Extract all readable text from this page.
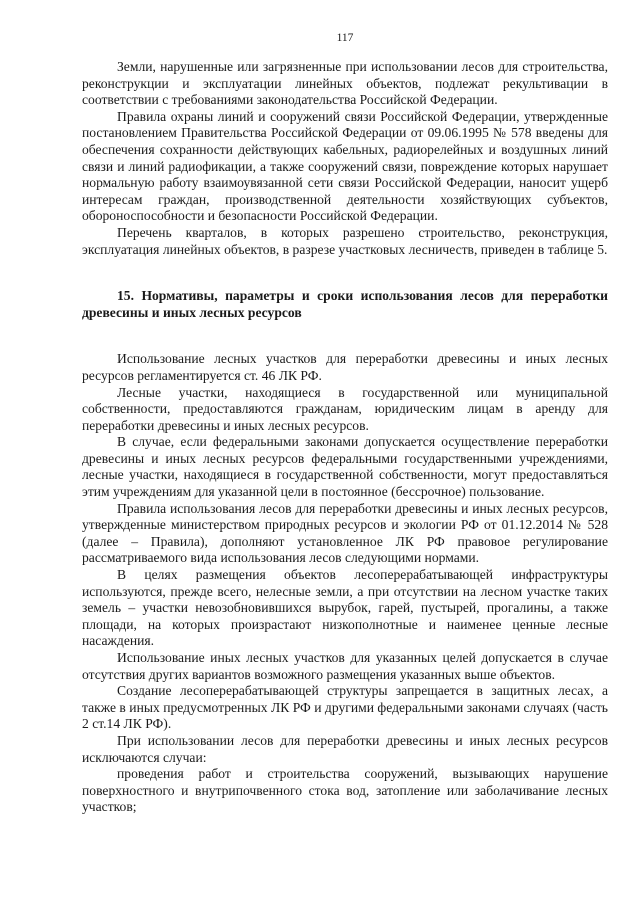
117

Земли, нарушенные или загрязненные при использовании лесов для строительства, реконструкции и эксплуатации линейных объектов, подлежат рекультивации в соответствии с требованиями законодательства Российской Федерации.

Правила охраны линий и сооружений связи Российской Федерации, утвержденные постановлением Правительства Российской Федерации от 09.06.1995 № 578 введены для обеспечения сохранности действующих кабельных, радиорелейных и воздушных линий связи и линий радиофикации, а также сооружений связи, повреждение которых нарушает нормальную работу взаимоувязанной сети связи Российской Федерации, наносит ущерб интересам граждан, производственной деятельности хозяйствующих субъектов, обороноспособности и безопасности Российской Федерации.

Перечень кварталов, в которых разрешено строительство, реконструкция, эксплуатация линейных объектов, в разрезе участковых лесничеств, приведен в таблице 5.

15. Нормативы, параметры и сроки использования лесов для переработки древесины и иных лесных ресурсов

Использование лесных участков для переработки древесины и иных лесных ресурсов регламентируется ст. 46 ЛК РФ.

Лесные участки, находящиеся в государственной или муниципальной собственности, предоставляются гражданам, юридическим лицам в аренду для переработки древесины и иных лесных ресурсов.

В случае, если федеральными законами допускается осуществление переработки древесины и иных лесных ресурсов федеральными государственными учреждениями, лесные участки, находящиеся в государственной собственности, могут предоставляться этим учреждениям для указанной цели в постоянное (бессрочное) пользование.

Правила использования лесов для переработки древесины и иных лесных ресурсов, утвержденные министерством природных ресурсов и экологии РФ от 01.12.2014 № 528 (далее – Правила), дополняют установленное ЛК РФ правовое регулирование рассматриваемого вида использования лесов следующими нормами.

В целях размещения объектов лесоперерабатывающей инфраструктуры используются, прежде всего, нелесные земли, а при отсутствии на лесном участке таких земель – участки невозобновившихся вырубок, гарей, пустырей, прогалины, а также площади, на которых произрастают низкополнотные и наименее ценные лесные насаждения.

Использование иных лесных участков для указанных целей допускается в случае отсутствия других вариантов возможного размещения указанных выше объектов.

Создание лесоперерабатывающей структуры запрещается в защитных лесах, а также в иных предусмотренных ЛК РФ и другими федеральными законами случаях (часть 2 ст.14 ЛК РФ).

При использовании лесов для переработки древесины и иных лесных ресурсов исключаются случаи:

проведения работ и строительства сооружений, вызывающих нарушение поверхностного и внутрипочвенного стока вод, затопление или заболачивание лесных участков;
